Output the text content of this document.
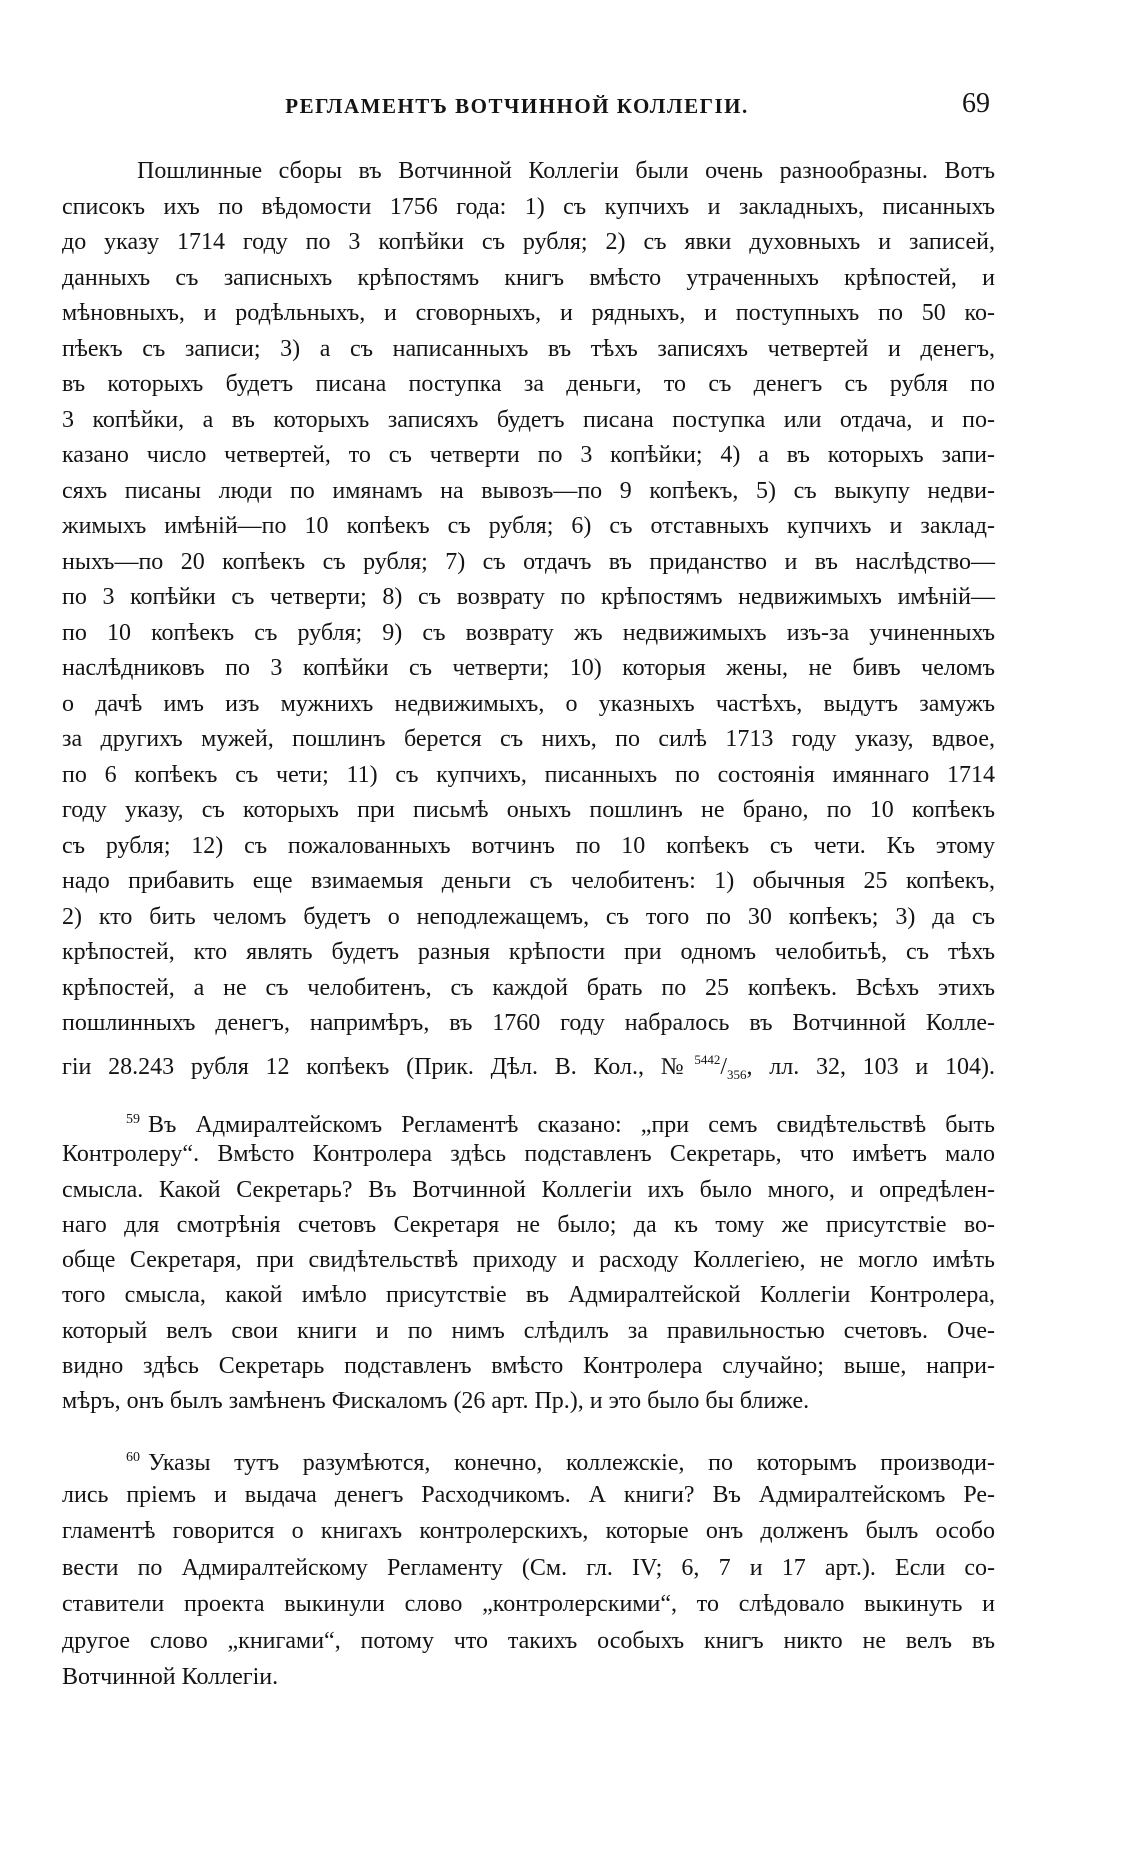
РЕГЛАМЕНТЪ ВОТЧИННОЙ КОЛЛЕГІИ.	69
Пошлинные сборы въ Вотчинной Коллегіи были очень разнообразны. Вотъ
списокъ ихъ по вѣдомости 1756 года: 1) съ купчихъ и закладныхъ, писанныхъ
до указу 1714 году по 3 копѣйки съ рубля; 2) съ явки духовныхъ и записей,
данныхъ съ записныхъ крѣпостямъ книгъ вмѣсто утраченныхъ крѣпостей, и
мѣновныхъ, и родѣльныхъ, и сговорныхъ, и рядныхъ, и поступныхъ по 50 ко-
пѣекъ съ записи; 3) а съ написанныхъ въ тѣхъ записяхъ четвертей и денегъ,
въ которыхъ будетъ писана поступка за деньги, то съ денегъ съ рубля по
3 копѣйки, а въ которыхъ записяхъ будетъ писана поступка или отдача, и по-
казано число четвертей, то съ четверти по 3 копѣйки; 4) а въ которыхъ запи-
сяхъ писаны люди по имянамъ на вывозъ—по 9 копѣекъ, 5) съ выкупу недви-
жимыхъ имѣній—по 10 копѣекъ съ рубля; 6) съ отставныхъ купчихъ и заклад-
ныхъ—по 20 копѣекъ съ рубля; 7) съ отдачъ въ приданство и въ наслѣдство—
по 3 копѣйки съ четверти; 8) съ возврату по крѣпостямъ недвижимыхъ имѣній—
по 10 копѣекъ съ рубля; 9) съ возврату жъ недвижимыхъ изъ-за учиненныхъ
наслѣдниковъ по 3 копѣйки съ четверти; 10) которыя жены, не бивъ челомъ
о дачѣ имъ изъ мужнихъ недвижимыхъ, о указныхъ частѣхъ, выдутъ замужъ
за другихъ мужей, пошлинъ берется съ нихъ, по силѣ 1713 году указу, вдвое,
по 6 копѣекъ съ чети; 11) съ купчихъ, писанныхъ по состоянія имяннаго 1714
году указу, съ которыхъ при письмѣ оныхъ пошлинъ не брано, по 10 копѣекъ
съ рубля; 12) съ пожалованныхъ вотчинъ по 10 копѣекъ съ чети. Къ этому
надо прибавить еще взимаемыя деньги съ челобитенъ: 1) обычныя 25 копѣекъ,
2) кто бить челомъ будетъ о неподлежащемъ, съ того по 30 копѣекъ; 3) да съ
крѣпостей, кто являть будетъ разныя крѣпости при одномъ челобитьѣ, съ тѣхъ
крѣпостей, а не съ челобитенъ, съ каждой брать по 25 копѣекъ. Всѣхъ этихъ
пошлинныхъ денегъ, напримѣръ, въ 1760 году набралось въ Вотчинной Колле-
гіи 28.243 рубля 12 копѣекъ (Прик. Дѣл. В. Кол., $№^{5442}/_{356}$, лл. 32, 103 и 104).
$^{59}$ Въ Адмиралтейскомъ Регламентѣ сказано: „при семъ свидѣтельствѣ быть
Контролеру“. Вмѣсто Контролера здѣсь подставленъ Секретарь, что имѣетъ мало
смысла. Какой Секретарь? Въ Вотчинной Коллегіи ихъ было много, и опредѣлен-
наго для смотрѣнія счетовъ Секретаря не было; да къ тому же присутствіе во-
обще Секретаря, при свидѣтельствѣ приходу и расходу Коллегіею, не могло имѣть
того смысла, какой имѣло присутствіе въ Адмиралтейской Коллегіи Контролера,
который велъ свои книги и по нимъ слѣдилъ за правильностью счетовъ. Оче-
видно здѣсь Секретарь подставленъ вмѣсто Контролера случайно; выше, напри-
мѣръ, онъ былъ замѣненъ Фискаломъ (26 арт. Пр.), и это было бы ближе.
$^{60}$ Указы тутъ разумѣются, конечно, коллежскіе, по которымъ производи-
лись пріемъ и выдача денегъ Расходчикомъ. А книги? Въ Адмиралтейскомъ Ре-
гламентѣ говорится о книгахъ контролерскихъ, которые онъ долженъ былъ особо
вести по Адмиралтейскому Регламенту (См. гл. IV; 6, 7 и 17 арт.). Если со-
ставители проекта выкинули слово „контролерскими“, то слѣдовало выкинуть и
другое слово „книгами“, потому что такихъ особыхъ книгъ никто не велъ въ
Вотчинной Коллегіи.
